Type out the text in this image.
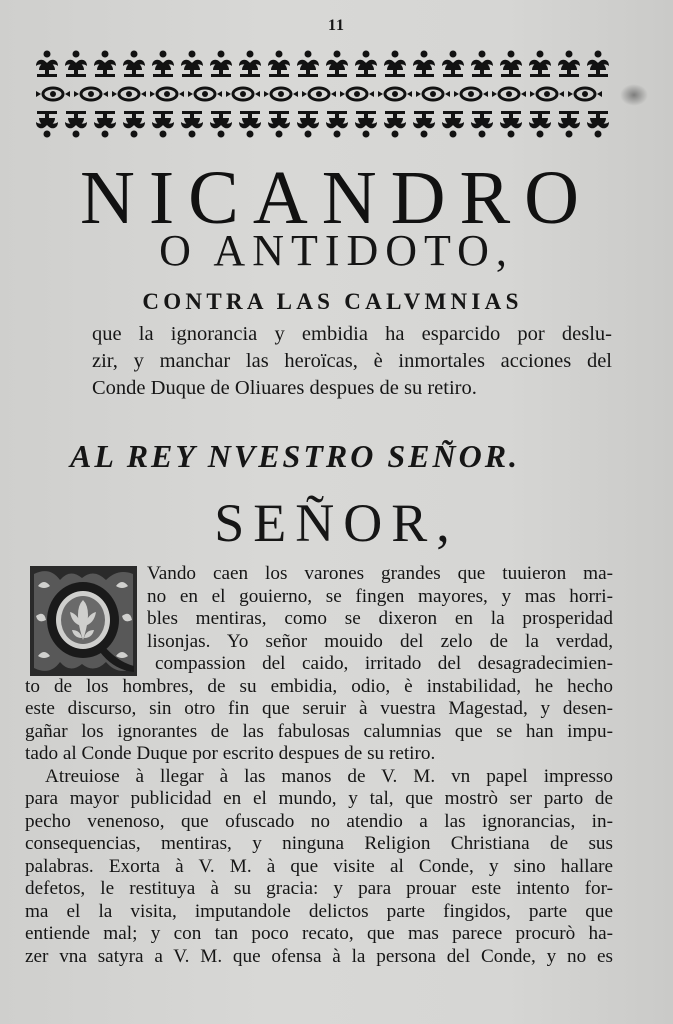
11
NICANDRO
O ANTIDOTO,
CONTRA LAS CALVMNIAS
que la ignorancia y embidia ha esparcido por deslu-
zir, y manchar las heroïcas, è inmortales acciones del
Conde Duque de Oliuares despues de su retiro.
AL REY NVESTRO SEÑOR.
SEÑOR,
Vando caen los varones grandes que tuuieron ma-
no en el gouierno, se fingen mayores, y mas horri-
bles mentiras, como se dixeron en la prosperidad
lisonjas. Yo señor mouido del zelo de la verdad,
compassion del caido, irritado del desagradecimien-
to de los hombres, de su embidia, odio, è instabilidad, he hecho
este discurso, sin otro fin que seruir à vuestra Magestad, y desen-
gañar los ignorantes de las fabulosas calumnias que se han impu-
tado al Conde Duque por escrito despues de su retiro.
Atreuiose à llegar à las manos de V. M. vn papel impresso
para mayor publicidad en el mundo, y tal, que mostrò ser parto de
pecho venenoso, que ofuscado no atendio a las ignorancias, in-
consequencias, mentiras, y ninguna Religion Christiana de sus
palabras. Exorta à V. M. à que visite al Conde, y sino hallare
defetos, le restituya à su gracia: y para prouar este intento for-
ma el la visita, imputandole delictos parte fingidos, parte que
entiende mal; y con tan poco recato, que mas parece procurò ha-
zer vna satyra a V. M. que ofensa à la persona del Conde, y no es
